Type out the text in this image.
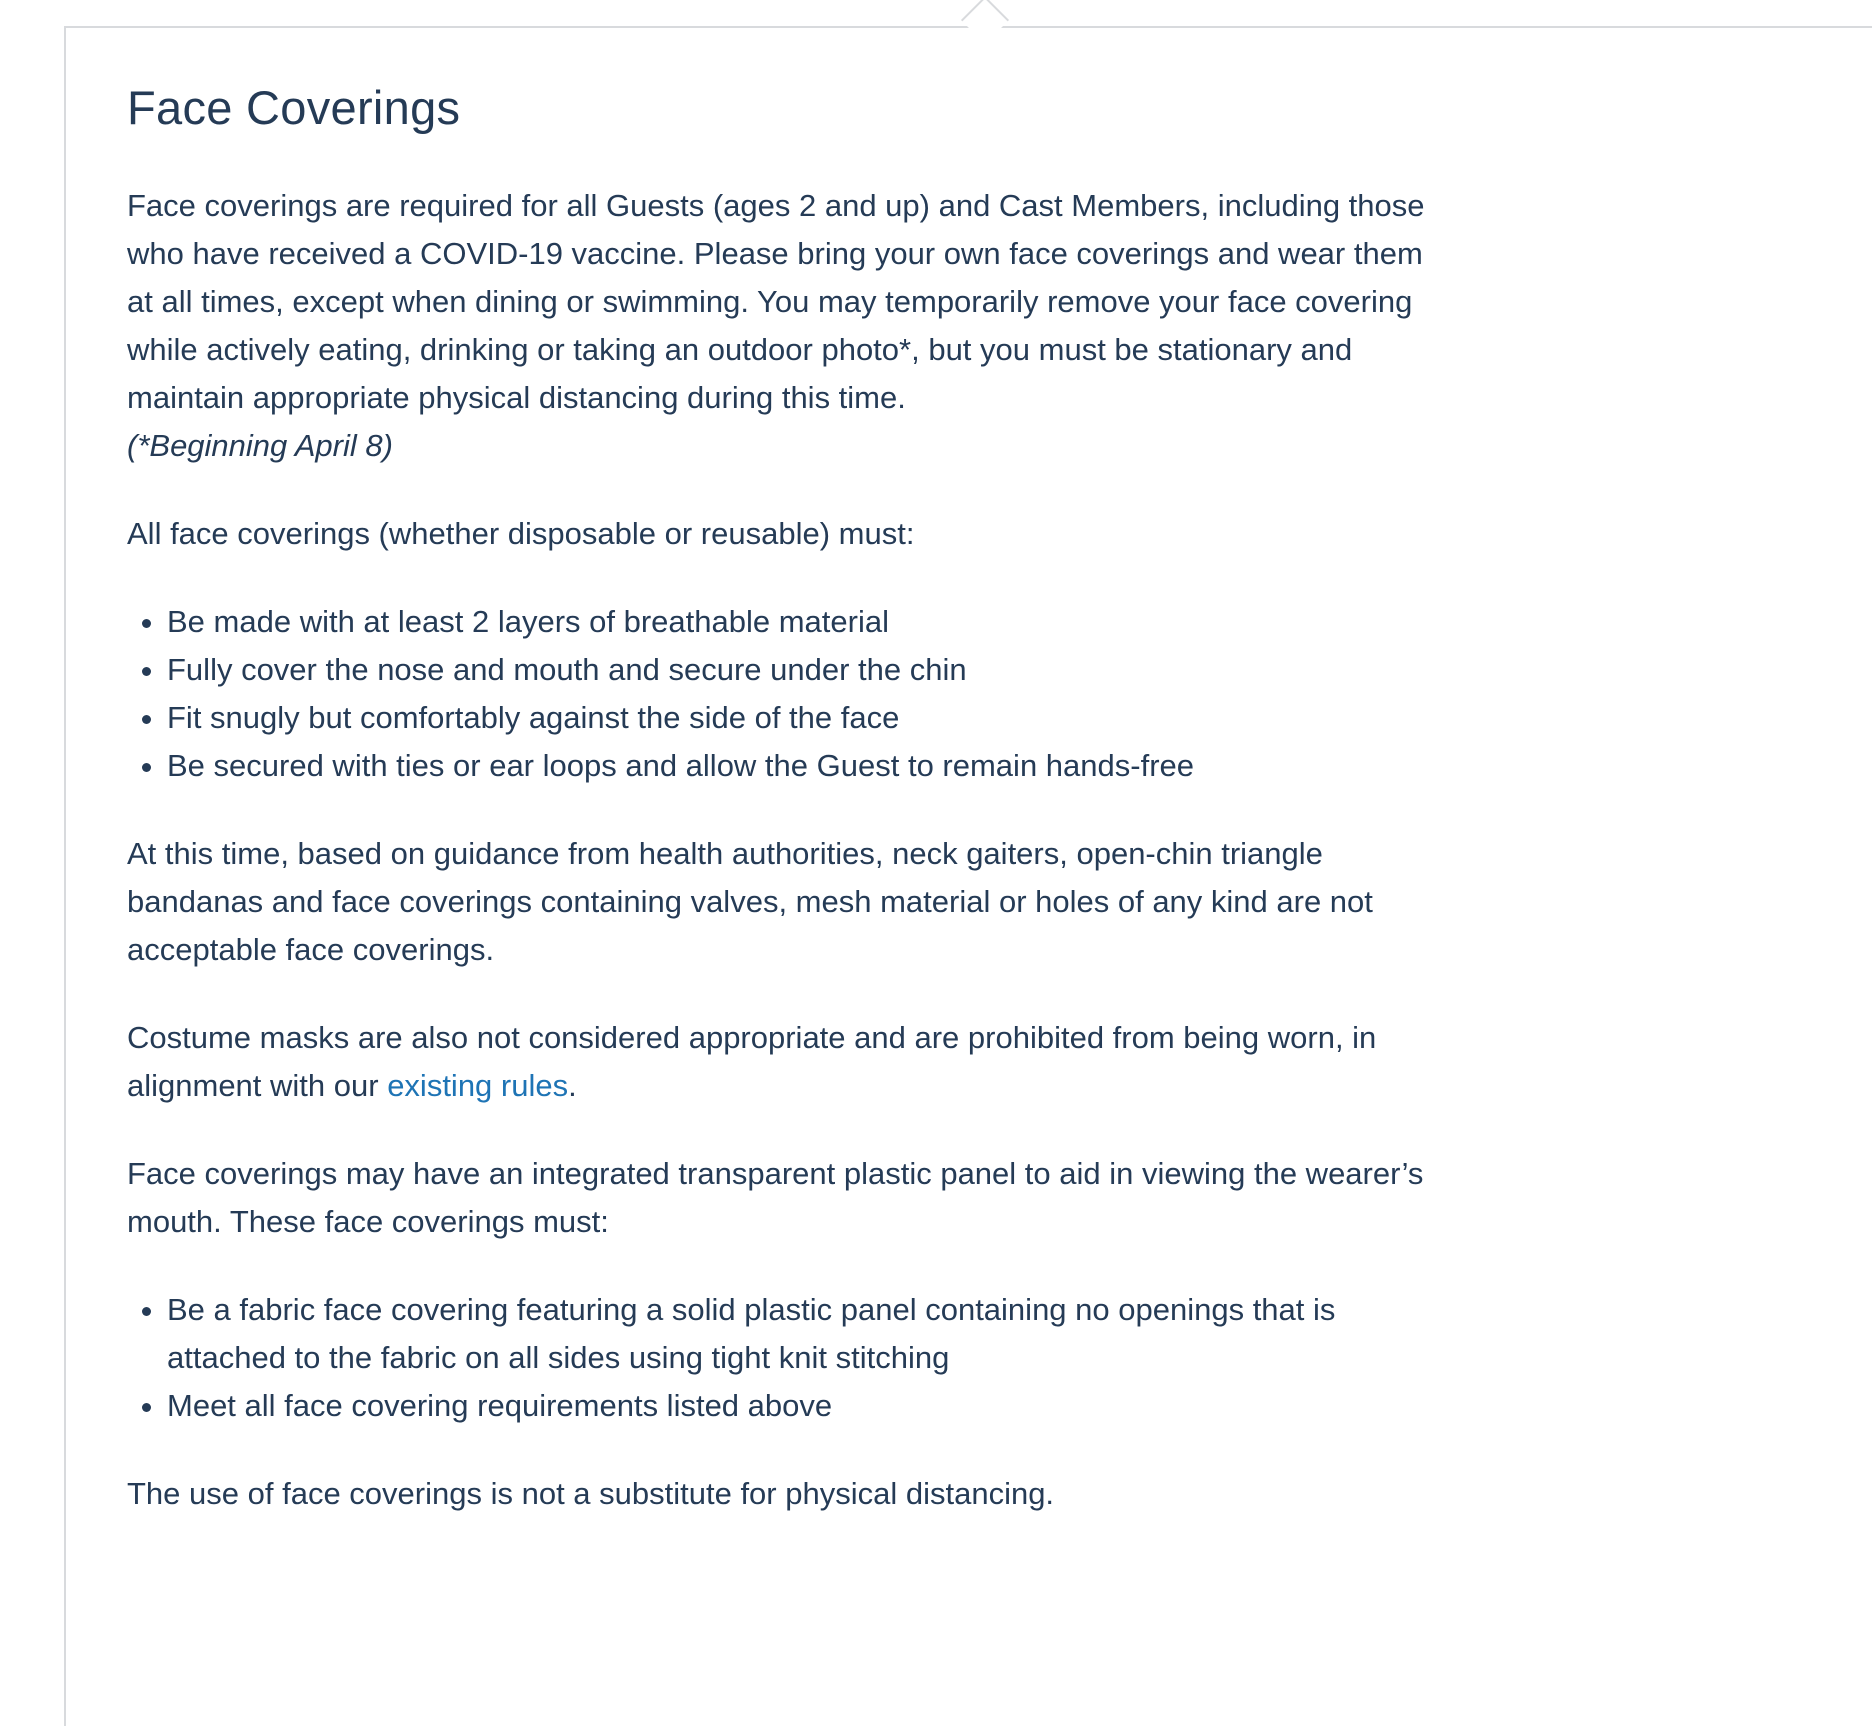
Face Coverings

Face coverings are required for all Guests (ages 2 and up) and Cast Members, including those who have received a COVID-19 vaccine. Please bring your own face coverings and wear them at all times, except when dining or swimming. You may temporarily remove your face covering while actively eating, drinking or taking an outdoor photo*, but you must be stationary and maintain appropriate physical distancing during this time.
(*Beginning April 8)

All face coverings (whether disposable or reusable) must:

• Be made with at least 2 layers of breathable material
• Fully cover the nose and mouth and secure under the chin
• Fit snugly but comfortably against the side of the face
• Be secured with ties or ear loops and allow the Guest to remain hands-free

At this time, based on guidance from health authorities, neck gaiters, open-chin triangle bandanas and face coverings containing valves, mesh material or holes of any kind are not acceptable face coverings.

Costume masks are also not considered appropriate and are prohibited from being worn, in alignment with our existing rules.

Face coverings may have an integrated transparent plastic panel to aid in viewing the wearer’s mouth. These face coverings must:

• Be a fabric face covering featuring a solid plastic panel containing no openings that is attached to the fabric on all sides using tight knit stitching
• Meet all face covering requirements listed above

The use of face coverings is not a substitute for physical distancing.
